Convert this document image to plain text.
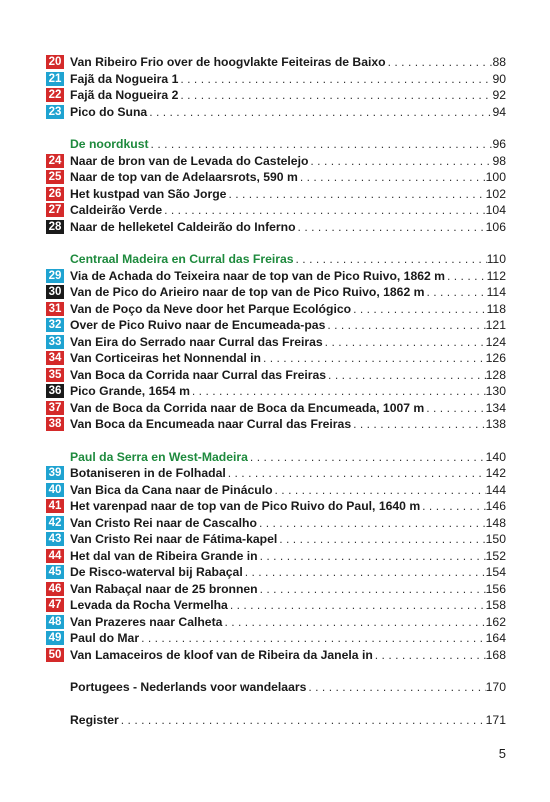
20 Van Ribeiro Frio over de hoogvlakte Feiteiras de Baixo . . .	88
21 Fajã da Nogueira 1 . . .	90
22 Fajã da Nogueira 2 . . .	92
23 Pico do Suna . . .	94
De noordkust . . .	96
24 Naar de bron van de Levada do Castelejo . . .	98
25 Naar de top van de Adelaarsrots, 590 m . . .	100
26 Het kustpad van São Jorge . . .	102
27 Caldeirão Verde . . .	104
28 Naar de helleketel Caldeirão do Inferno . . .	106
Centraal Madeira en Curral das Freiras . . .	110
29 Via de Achada do Teixeira naar de top van de Pico Ruivo, 1862 m . . .	112
30 Van de Pico do Arieiro naar de top van de Pico Ruivo, 1862 m . . .	114
31 Van de Poço da Neve door het Parque Ecológico . . .	118
32 Over de Pico Ruivo naar de Encumeada-pas . . .	121
33 Van Eira do Serrado naar Curral das Freiras . . .	124
34 Van Corticeiras het Nonnendal in . . .	126
35 Van Boca da Corrida naar Curral das Freiras . . .	128
36 Pico Grande, 1654 m . . .	130
37 Van de Boca da Corrida naar de Boca da Encumeada, 1007 m . . .	134
38 Van Boca da Encumeada naar Curral das Freiras . . .	138
Paul da Serra en West-Madeira . . .	140
39 Botaniseren in de Folhadal . . .	142
40 Van Bica da Cana naar de Pináculo . . .	144
41 Het varenpad naar de top van de Pico Ruivo do Paul, 1640 m . . .	146
42 Van Cristo Rei naar de Cascalho . . .	148
43 Van Cristo Rei naar de Fátima-kapel . . .	150
44 Het dal van de Ribeira Grande in . . .	152
45 De Risco-waterval bij Rabaçal . . .	154
46 Van Rabaçal naar de 25 bronnen . . .	156
47 Levada da Rocha Vermelha . . .	158
48 Van Prazeres naar Calheta . . .	162
49 Paul do Mar . . .	164
50 Van Lamaceiros de kloof van de Ribeira da Janela in . . .	168
Portugees - Nederlands voor wandelaars . . .	170
Register . . .	171
5
